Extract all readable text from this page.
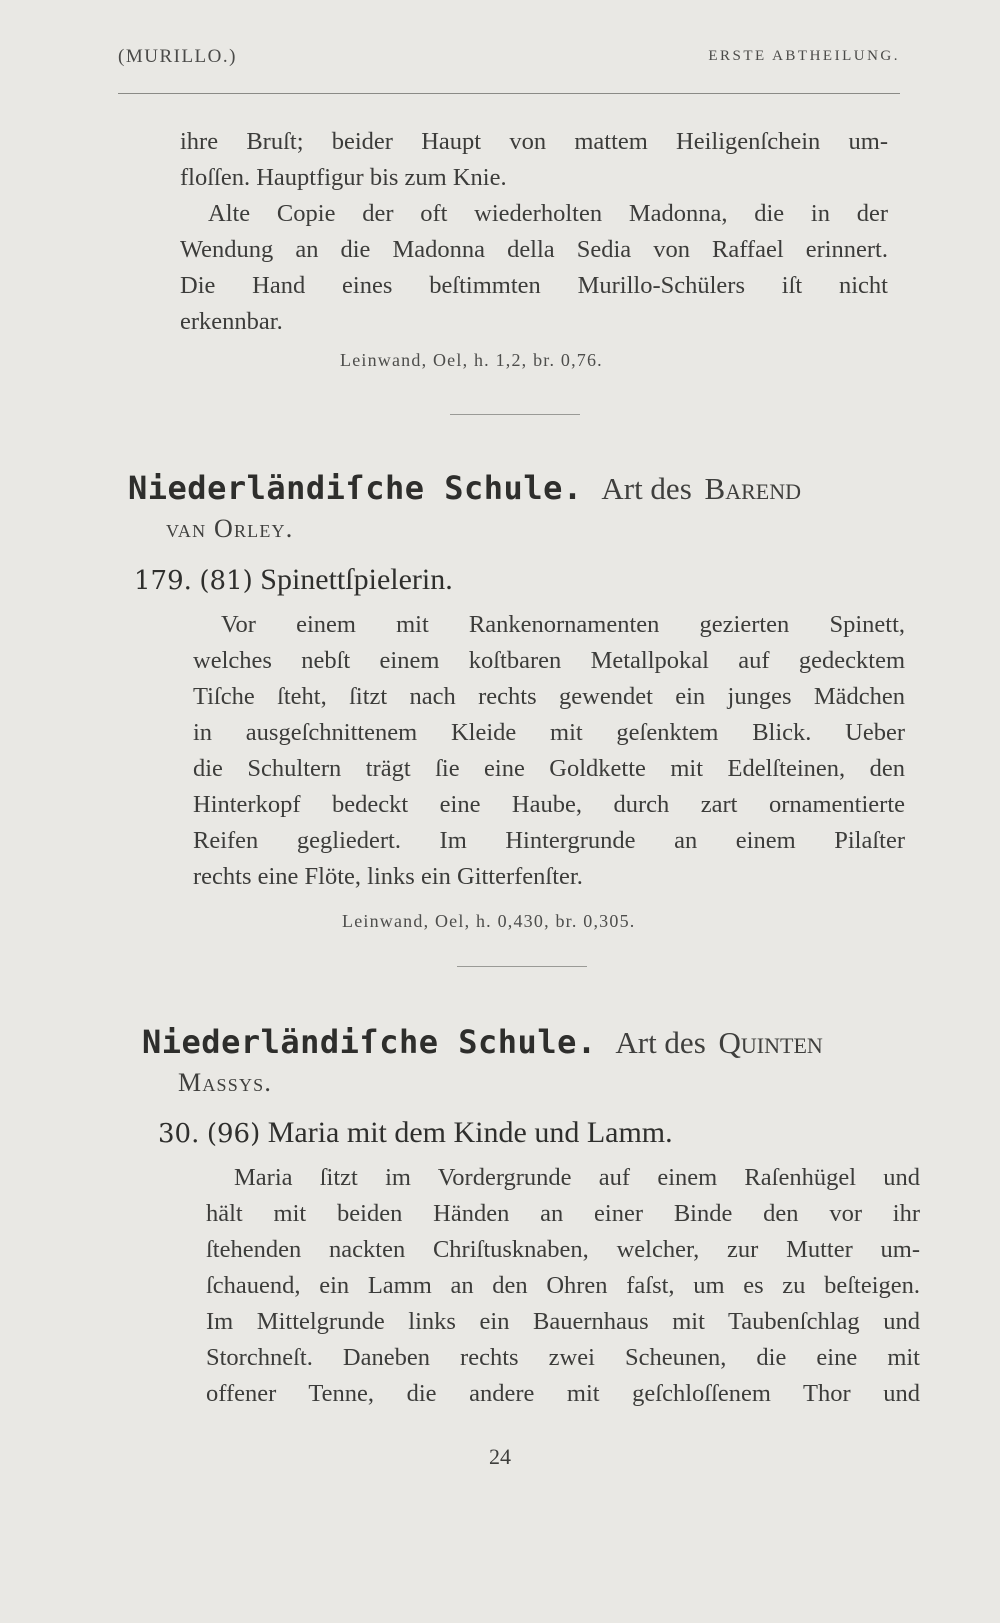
(MURILLO.)	ERSTE ABTHEILUNG.
ihre Bruſt; beider Haupt von mattem Heiligenſchein um-
floſſen. Hauptfigur bis zum Knie.
Alte Copie der oft wiederholten Madonna, die in der
Wendung an die Madonna della Sedia von Raffael erinnert.
Die Hand eines beſtimmten Murillo-Schülers iſt nicht
erkennbar.
Leinwand, Oel, h. 1,2, br. 0,76.
Niederländiſche Schule. Art des Barend
van Orley.
179. (81) Spinettſpielerin.
Vor einem mit Rankenornamenten gezierten Spinett,
welches nebſt einem koſtbaren Metallpokal auf gedecktem
Tiſche ſteht, ſitzt nach rechts gewendet ein junges Mädchen
in ausgeſchnittenem Kleide mit geſenktem Blick. Ueber
die Schultern trägt ſie eine Goldkette mit Edelſteinen, den
Hinterkopf bedeckt eine Haube, durch zart ornamentierte
Reifen gegliedert. Im Hintergrunde an einem Pilaſter
rechts eine Flöte, links ein Gitterfenſter.
Leinwand, Oel, h. 0,430, br. 0,305.
Niederländiſche Schule. Art des Quinten
Massys.
30. (96) Maria mit dem Kinde und Lamm.
Maria ſitzt im Vordergrunde auf einem Raſenhügel und
hält mit beiden Händen an einer Binde den vor ihr
ſtehenden nackten Chriſtusknaben, welcher, zur Mutter um-
ſchauend, ein Lamm an den Ohren faſst, um es zu beſteigen.
Im Mittelgrunde links ein Bauernhaus mit Taubenſchlag und
Storchneſt. Daneben rechts zwei Scheunen, die eine mit
offener Tenne, die andere mit geſchloſſenem Thor und
24
